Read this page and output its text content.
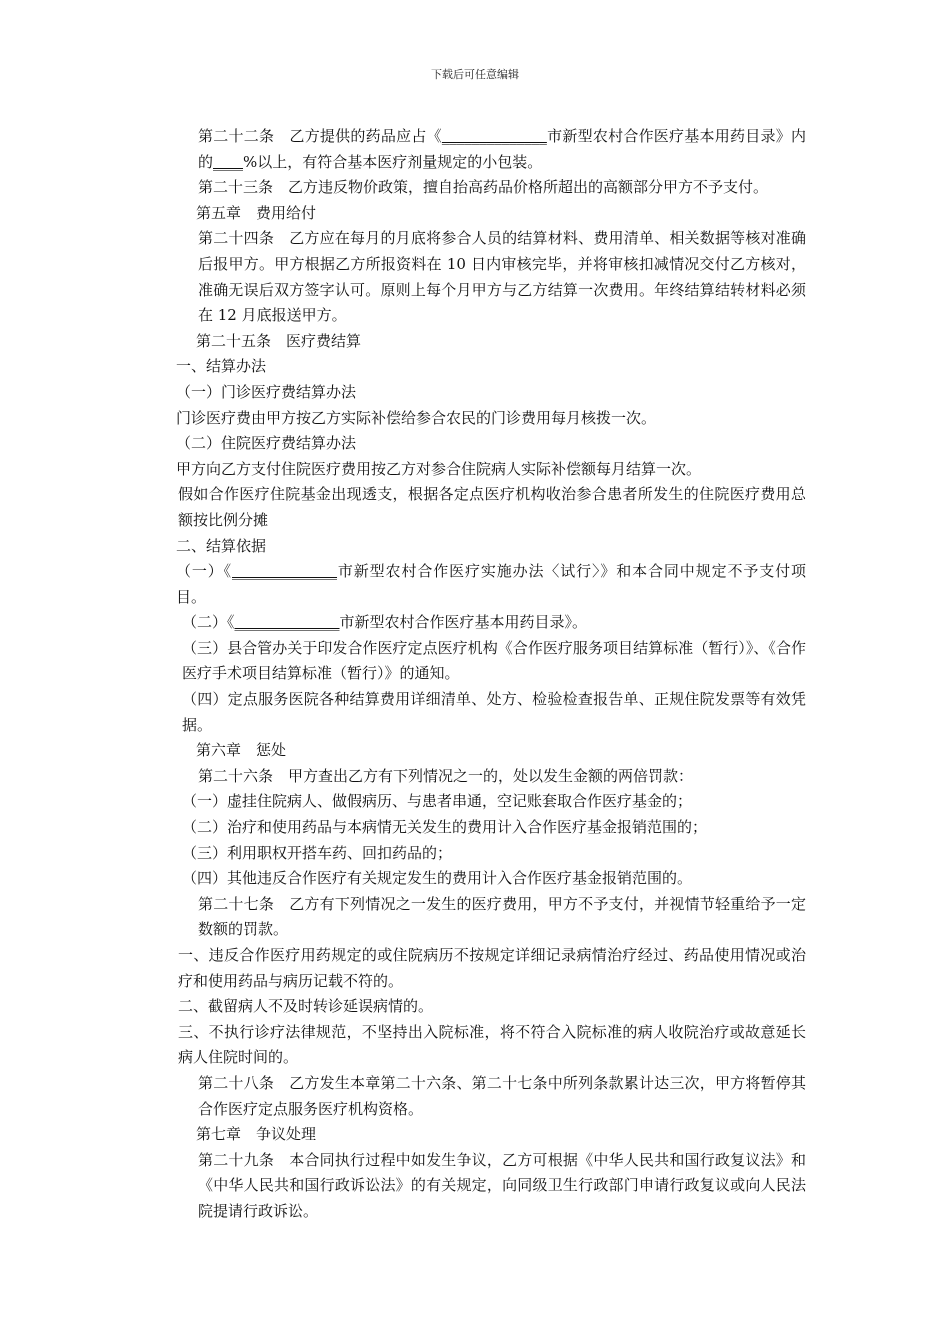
下载后可任意编辑

第二十二条　乙方提供的药品应占《______________市新型农村合作医疗基本用药目录》内的____%以上，有符合基本医疗剂量规定的小包装。

第二十三条　乙方违反物价政策，擅自抬高药品价格所超出的高额部分甲方不予支付。

第五章　费用给付

第二十四条　乙方应在每月的月底将参合人员的结算材料、费用清单、相关数据等核对准确后报甲方。甲方根据乙方所报资料在 10 日内审核完毕，并将审核扣减情况交付乙方核对，准确无误后双方签字认可。原则上每个月甲方与乙方结算一次费用。年终结算结转材料必须在 12 月底报送甲方。

第二十五条　医疗费结算

一、结算办法

（一）门诊医疗费结算办法

门诊医疗费由甲方按乙方实际补偿给参合农民的门诊费用每月核拨一次。

（二）住院医疗费结算办法

甲方向乙方支付住院医疗费用按乙方对参合住院病人实际补偿额每月结算一次。

假如合作医疗住院基金出现透支，根据各定点医疗机构收治参合患者所发生的住院医疗费用总额按比例分摊

二、结算依据

（一）《______________市新型农村合作医疗实施办法〈试行〉》和本合同中规定不予支付项目。

（二）《______________市新型农村合作医疗基本用药目录》。

（三）县合管办关于印发合作医疗定点医疗机构《合作医疗服务项目结算标准（暂行）》、《合作医疗手术项目结算标准（暂行）》的通知。

（四）定点服务医院各种结算费用详细清单、处方、检验检查报告单、正规住院发票等有效凭据。

第六章　惩处

第二十六条　甲方查出乙方有下列情况之一的，处以发生金额的两倍罚款：

（一）虚挂住院病人、做假病历、与患者串通，空记账套取合作医疗基金的；

（二）治疗和使用药品与本病情无关发生的费用计入合作医疗基金报销范围的；

（三）利用职权开搭车药、回扣药品的；

（四）其他违反合作医疗有关规定发生的费用计入合作医疗基金报销范围的。

第二十七条　乙方有下列情况之一发生的医疗费用，甲方不予支付，并视情节轻重给予一定数额的罚款。

一、违反合作医疗用药规定的或住院病历不按规定详细记录病情治疗经过、药品使用情况或治疗和使用药品与病历记载不符的。

二、截留病人不及时转诊延误病情的。

三、不执行诊疗法律规范，不坚持出入院标准，将不符合入院标准的病人收院治疗或故意延长病人住院时间的。

第二十八条　乙方发生本章第二十六条、第二十七条中所列条款累计达三次，甲方将暂停其合作医疗定点服务医疗机构资格。

第七章　争议处理

第二十九条　本合同执行过程中如发生争议，乙方可根据《中华人民共和国行政复议法》和《中华人民共和国行政诉讼法》的有关规定，向同级卫生行政部门申请行政复议或向人民法院提请行政诉讼。
